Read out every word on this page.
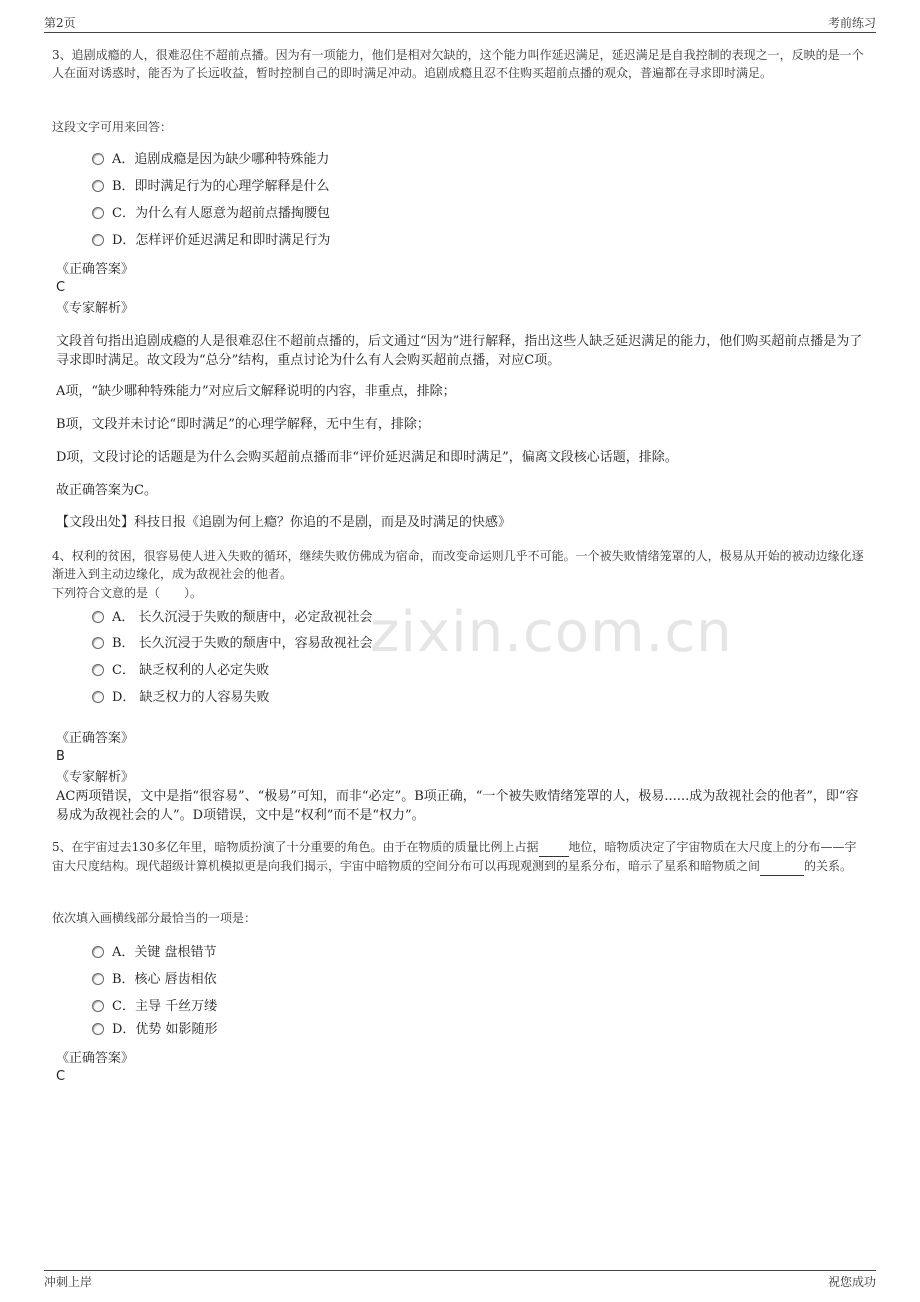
第2页	考前练习
zixin.com.cn
3、追剧成瘾的人，很难忍住不超前点播。因为有一项能力，他们是相对欠缺的，这个能力叫作延迟满足，延迟满足是自我控制的表现之一，反映的是一个人在面对诱惑时，能否为了长远收益，暂时控制自己的即时满足冲动。追剧成瘾且忍不住购买超前点播的观众，普遍都在寻求即时满足。
这段文字可用来回答：
A．追剧成瘾是因为缺少哪种特殊能力
B．即时满足行为的心理学解释是什么
C．为什么有人愿意为超前点播掏腰包
D．怎样评价延迟满足和即时满足行为
《正确答案》
C
《专家解析》
文段首句指出追剧成瘾的人是很难忍住不超前点播的，后文通过“因为”进行解释，指出这些人缺乏延迟满足的能力，他们购买超前点播是为了寻求即时满足。故文段为“总分”结构，重点讨论为什么有人会购买超前点播，对应C项。
A项，“缺少哪种特殊能力”对应后文解释说明的内容，非重点，排除；
B项，文段并未讨论“即时满足”的心理学解释，无中生有，排除；
D项，文段讨论的话题是为什么会购买超前点播而非“评价延迟满足和即时满足”，偏离文段核心话题，排除。
故正确答案为C。
【文段出处】科技日报《追剧为何上瘾？你追的不是剧，而是及时满足的快感》
4、权利的贫困，很容易使人进入失败的循环，继续失败仿佛成为宿命，而改变命运则几乎不可能。一个被失败情绪笼罩的人，极易从开始的被动边缘化逐渐进入到主动边缘化，成为敌视社会的他者。
下列符合文意的是（　　）。
A． 长久沉浸于失败的颓唐中，必定敌视社会
B． 长久沉浸于失败的颓唐中，容易敌视社会
C． 缺乏权利的人必定失败
D． 缺乏权力的人容易失败
《正确答案》
B
《专家解析》
AC两项错误，文中是指“很容易”、“极易”可知，而非“必定”。B项正确，“一个被失败情绪笼罩的人，极易......成为敌视社会的他者”，即“容易成为敌视社会的人”。D项错误，文中是“权利”而不是“权力”。
5、在宇宙过去130多亿年里，暗物质扮演了十分重要的角色。由于在物质的质量比例上占据	地位，暗物质决定了宇宙物质在大尺度上的分布——宇宙大尺度结构。现代超级计算机模拟更是向我们揭示，宇宙中暗物质的空间分布可以再现观测到的星系分布，暗示了星系和暗物质之间	的关系。
依次填入画横线部分最恰当的一项是：
A．关键 盘根错节
B．核心 唇齿相依
C．主导 千丝万缕
D．优势 如影随形
《正确答案》
C
冲刺上岸	祝您成功
